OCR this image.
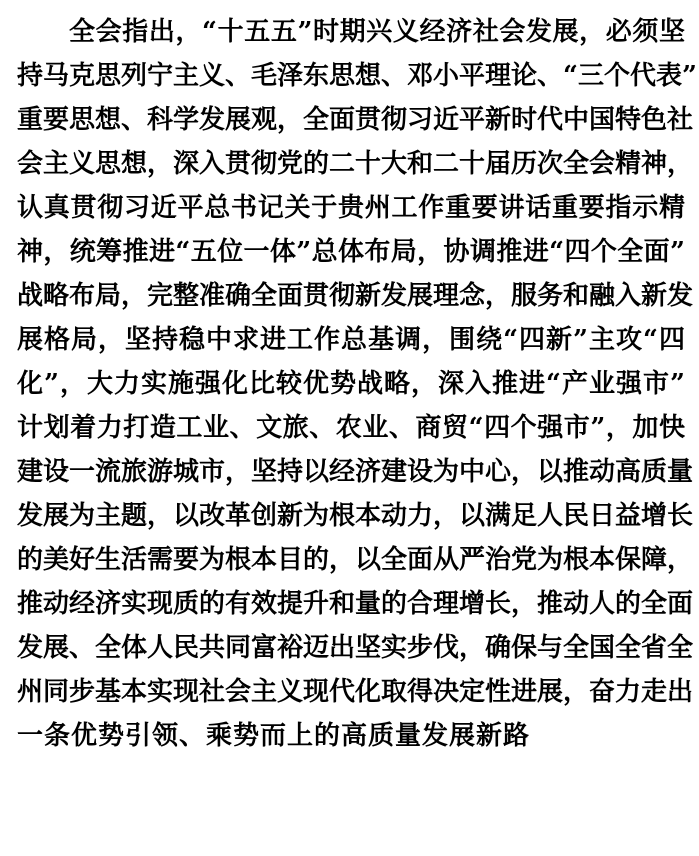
全会指出，“十五五”时期兴义经济社会发展，必须坚
持马克思列宁主义、毛泽东思想、邓小平理论、“三个代表”
重要思想、科学发展观，全面贯彻习近平新时代中国特色社
会主义思想，深入贯彻党的二十大和二十届历次全会精神，
认真贯彻习近平总书记关于贵州工作重要讲话重要指示精
神，统筹推进“五位一体”总体布局，协调推进“四个全面”
战略布局，完整准确全面贯彻新发展理念，服务和融入新发
展格局，坚持稳中求进工作总基调，围绕“四新”主攻“四
化”，大力实施强化比较优势战略，深入推进“产业强市”
计划着力打造工业、文旅、农业、商贸“四个强市”，加快
建设一流旅游城市，坚持以经济建设为中心，以推动高质量
发展为主题，以改革创新为根本动力，以满足人民日益增长
的美好生活需要为根本目的，以全面从严治党为根本保障，
推动经济实现质的有效提升和量的合理增长，推动人的全面
发展、全体人民共同富裕迈出坚实步伐，确保与全国全省全
州同步基本实现社会主义现代化取得决定性进展，奋力走出
一条优势引领、乘势而上的高质量发展新路
